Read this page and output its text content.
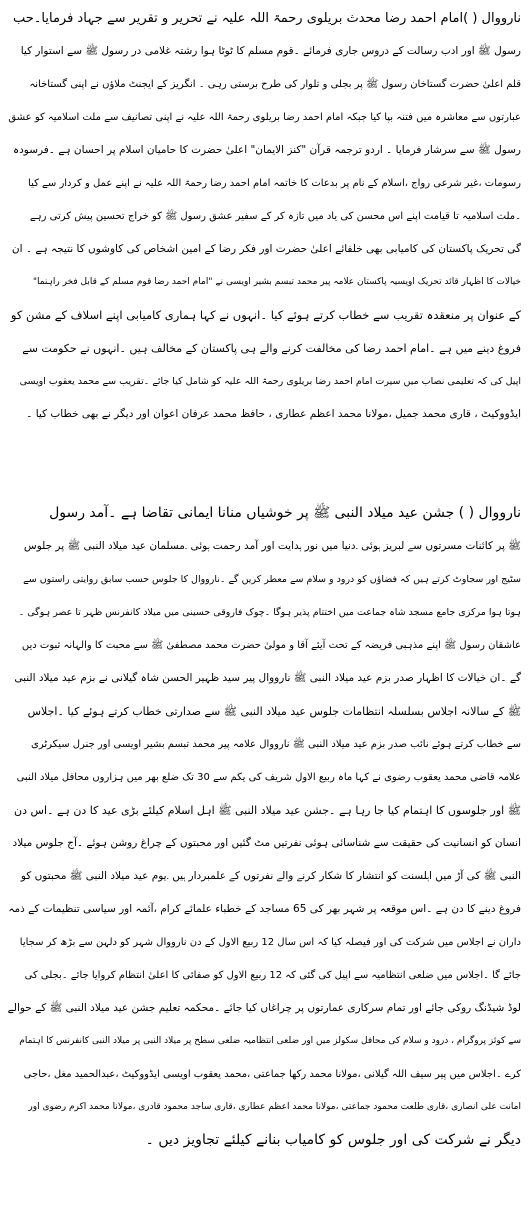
نارووال ( )امام احمد رضا محدث بریلوی رحمۃ اللہ علیہ نے تحریر و تقریر سے جہاد فرمایا۔حب
رسول ﷺ اور ادب رسالت کے دروس جاری فرمائے ۔قوم مسلم کا ٹوٹا ہوا رشتہ غلامی در رسول ﷺ سے استوار کیا
قلم اعلیٰ حضرت گستاخان رسول ﷺ پر بجلی و تلوار کی طرح برستی رہی ۔ انگریز کے ایجنٹ ملاؤں نے اپنی گستاخانہ
عبارتوں سے معاشرہ میں فتنہ بپا کیا جبکہ امام احمد رضا بریلوی رحمۃ اللہ علیہ نے اپنی تصانیف سے ملت اسلامیہ کو عشق
رسول ﷺ سے سرشار فرمایا ۔ اردو ترجمہ قرآن "کنز الایمان" اعلیٰ حضرت کا حامیان اسلام پر احسان ہے ۔فرسودہ
رسومات ،غیر شرعی رواج ،اسلام کے نام پر بدعات کا خاتمہ امام احمد رضا رحمۃ اللہ علیہ نے اپنے عمل و کردار سے کیا
۔ملت اسلامیہ تا قیامت اپنے اس محسن کی یاد میں تازہ کر کے سفیر عشق رسول ﷺ کو خراج تحسین پیش کرتی رہے
گی تحریک پاکستان کی کامیابی بھی خلفائے اعلیٰ حضرت اور فکر رضا کے امین اشخاص کی کاوشوں کا نتیجہ ہے ۔ ان
خیالات کا اظہار قائد تحریک اویسیہ پاکستان علامہ پیر محمد تبسم بشیر اویسی نے "امام احمد رضا قوم مسلم کے قابل فخر راہنما"
کے عنوان پر منعقدہ تقریب سے خطاب کرتے ہوئے کیا ۔انہوں نے کہا ہماری کامیابی اپنے اسلاف کے مشن کو
فروغ دینے میں ہے ۔امام احمد رضا کی مخالفت کرنے والے ہی پاکستان کے مخالف ہیں ۔انہوں نے حکومت سے
اپیل کی کہ تعلیمی نصاب میں سیرت امام احمد رضا بریلوی رحمۃ اللہ علیہ کو شامل کیا جائے ۔تقریب سے محمد یعقوب اویسی
ایڈووکیٹ ، قاری محمد جمیل ،مولانا محمد اعظم عطاری ، حافظ محمد عرفان اعوان اور دیگر نے بھی خطاب کیا ۔
نارووال ( ) جشن عید میلاد النبی ﷺ پر خوشیاں منانا ایمانی تقاضا ہے ۔آمد رسول
ﷺ پر کائنات مسرتوں سے لبریز ہوئی ۔دنیا میں نور ہدایت اور آمد رحمت ہوئی ۔مسلمان عید میلاد النبی ﷺ پر جلوس
سٹیج اور سجاوٹ کرتے ہیں کہ فضاؤں کو درود و سلام سے معطر کریں گے ۔نارووال کا جلوس حسب سابق روایتی راستوں سے
ہوتا ہوا مرکزی جامع مسجد شاہ جماعت میں اختتام پذیر ہوگا ۔چوک فاروقی حسینی میں میلاد کانفرنس ظہر تا عصر ہوگی ۔
عاشقان رسول ﷺ اپنے مذہبی فریضہ کے تحت آیئے آقا و مولیٰ حضرت محمد مصطفیٰ ﷺ سے محبت کا والہانہ ثبوت دیں
گے ۔ان خیالات کا اظہار صدر بزم عید میلاد النبی ﷺ نارووال پیر سید ظہیر الحسن شاہ گیلانی نے بزم عید میلاد النبی
ﷺ کے سالانہ اجلاس بسلسلہ انتظامات جلوس عید میلاد النبی ﷺ سے صدارتی خطاب کرتے ہوئے کیا ۔اجلاس
سے خطاب کرتے ہوئے نائب صدر بزم عید میلاد النبی ﷺ نارووال علامہ پیر محمد تبسم بشیر اویسی اور جنرل سیکرٹری
علامہ قاضی محمد یعقوب رضوی نے کہا ماہ ربیع الاول شریف کی یکم سے 30 تک ضلع بھر میں ہزاروں محافل میلاد النبی
ﷺ اور جلوسوں کا اہتمام کیا جا رہا ہے ۔جشن عید میلاد النبی ﷺ اہل اسلام کیلئے بڑی عید کا دن ہے ۔اس دن
انسان کو انسانیت کی حقیقت سے شناسائی ہوئی نفرتیں مٹ گئیں اور محبتوں کے چراغ روشن ہوئے ۔آج جلوس میلاد
النبی ﷺ کی آڑ میں اہلسنت کو انتشار کا شکار کرنے والے نفرتوں کے علمبردار ہیں ۔یوم عید میلاد النبی ﷺ محبتوں کو
فروغ دینے کا دن ہے ۔اس موقعہ پر شہر بھر کی 65 مساجد کے خطباء علمائے کرام ،آئمہ اور سیاسی تنظیمات کے ذمہ
داران نے اجلاس میں شرکت کی اور فیصلہ کیا کہ اس سال 12 ربیع الاول کے دن نارووال شہر کو دلہن سے بڑھ کر سجایا
جائے گا ۔اجلاس میں ضلعی انتظامیہ سے اپیل کی گئی کہ 12 ربیع الاول کو صفائی کا اعلیٰ انتظام کروایا جائے ۔بجلی کی
لوڈ شیڈنگ روکی جائے اور تمام سرکاری عمارتوں پر چراغاں کیا جائے ۔محکمہ تعلیم جشن عید میلاد النبی ﷺ کے حوالے
سے کوئز پروگرام ، درود و سلام کی محافل سکولز میں اور ضلعی انتظامیہ ضلعی سطح پر میلاد النبی پر میلاد النبی کانفرنس کا اہتمام
کرے ۔اجلاس میں پیر سیف اللہ گیلانی ،مولانا محمد رکھا جماعتی ،محمد یعقوب اویسی ایڈووکیٹ ،عبدالحمید مغل ،حاجی
امانت علی انصاری ،قاری طلعت محمود جماعتی ،مولانا محمد اعظم عطاری ،قاری ساجد محمود قادری ،مولانا محمد اکرم رضوی اور
دیگر نے شرکت کی اور جلوس کو کامیاب بنانے کیلئے تجاویز دیں ۔
